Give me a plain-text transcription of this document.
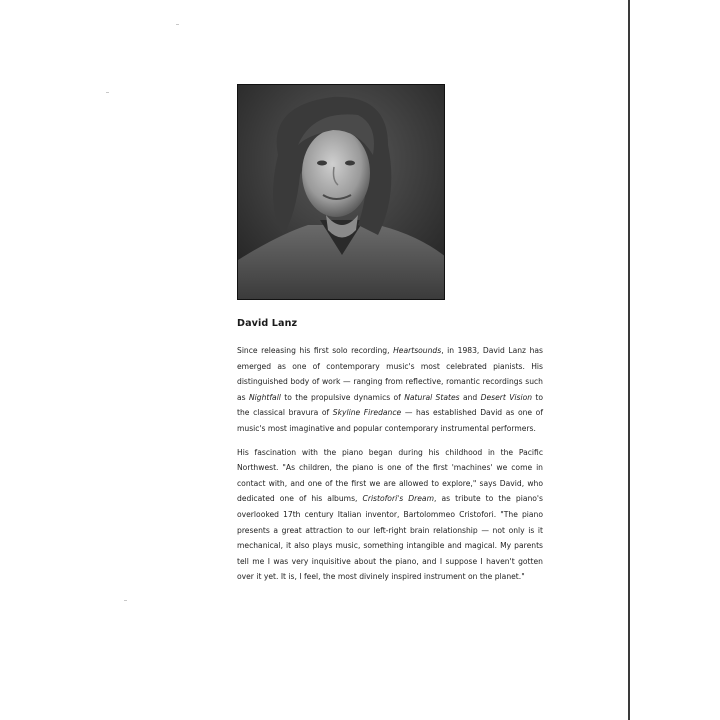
David Lanz

Since releasing his first solo recording, Heartsounds, in 1983, David Lanz has emerged as one of contemporary music's most celebrated pianists. His distinguished body of work — ranging from reflective, romantic recordings such as Nightfall to the propulsive dynamics of Natural States and Desert Vision to the classical bravura of Skyline Firedance — has established David as one of music's most imaginative and popular contemporary instrumental performers.

His fascination with the piano began during his childhood in the Pacific Northwest. "As children, the piano is one of the first 'machines' we come in contact with, and one of the first we are allowed to explore," says David, who dedicated one of his albums, Cristofori's Dream, as tribute to the piano's overlooked 17th century Italian inventor, Bartolommeo Cristofori. "The piano presents a great attraction to our left-right brain relationship — not only is it mechanical, it also plays music, something intangible and magical. My parents tell me I was very inquisitive about the piano, and I suppose I haven't gotten over it yet. It is, I feel, the most divinely inspired instrument on the planet."
